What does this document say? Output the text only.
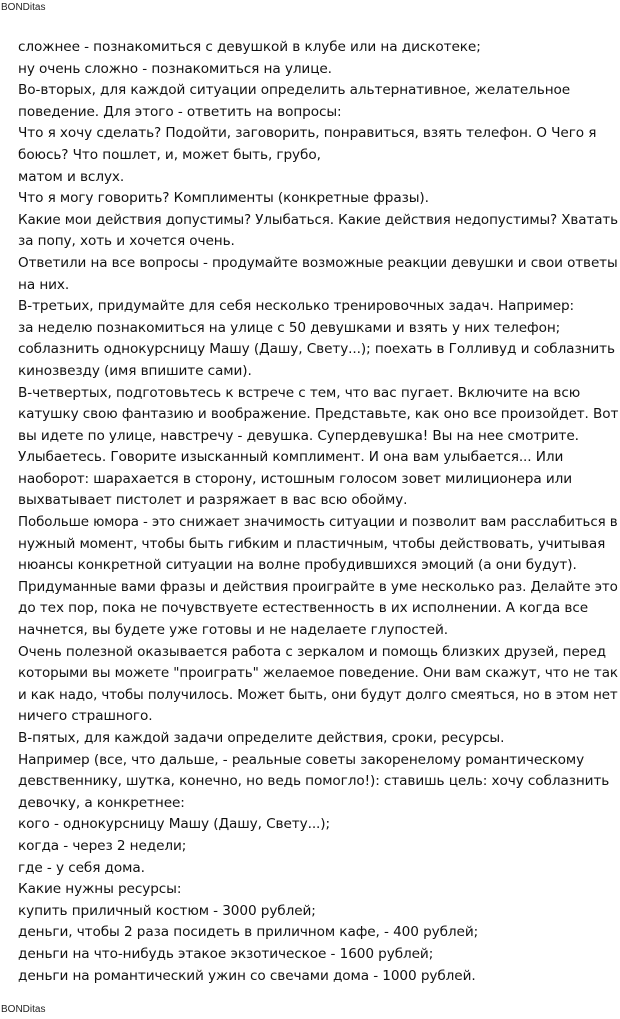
BONDitas
сложнее - познакомиться с девушкой в клубе или на дискотеке;
ну очень сложно - познакомиться на улице.
Во-вторых, для каждой ситуации определить альтернативное, желательное
поведение. Для этого - ответить на вопросы:
Что я хочу сделать? Подойти, заговорить, понравиться, взять телефон. О Чего я
боюсь? Что пошлет, и, может быть, грубо,
матом и вслух.
Что я могу говорить? Комплименты (конкретные фразы).
Какие мои действия допустимы? Улыбаться. Какие действия недопустимы? Хватать
за попу, хоть и хочется очень.
Ответили на все вопросы - продумайте возможные реакции девушки и свои ответы
на них.
В-третьих, придумайте для себя несколько тренировочных задач. Например:
за неделю познакомиться на улице с 50 девушками и взять у них телефон;
соблазнить однокурсницу Машу (Дашу, Свету...); поехать в Голливуд и соблазнить
кинозвезду (имя впишите сами).
В-четвертых, подготовьтесь к встрече с тем, что вас пугает. Включите на всю
катушку свою фантазию и воображение. Представьте, как оно все произойдет. Вот
вы идете по улице, навстречу - девушка. Супердевушка! Вы на нее смотрите.
Улыбаетесь. Говорите изысканный комплимент. И она вам улыбается... Или
наоборот: шарахается в сторону, истошным голосом зовет милиционера или
выхватывает пистолет и разряжает в вас всю обойму.
Побольше юмора - это снижает значимость ситуации и позволит вам расслабиться в
нужный момент, чтобы быть гибким и пластичным, чтобы действовать, учитывая
нюансы конкретной ситуации на волне пробудившихся эмоций (а они будут).
Придуманные вами фразы и действия проиграйте в уме несколько раз. Делайте это
до тех пор, пока не почувствуете естественность в их исполнении. А когда все
начнется, вы будете уже готовы и не наделаете глупостей.
Очень полезной оказывается работа с зеркалом и помощь близких друзей, перед
которыми вы можете "проиграть" желаемое поведение. Они вам скажут, что не так
и как надо, чтобы получилось. Может быть, они будут долго смеяться, но в этом нет
ничего страшного.
В-пятых, для каждой задачи определите действия, сроки, ресурсы.
Например (все, что дальше, - реальные советы закоренелому романтическому
девственнику, шутка, конечно, но ведь помогло!): ставишь цель: хочу соблазнить
девочку, а конкретнее:
кого - однокурсницу Машу (Дашу, Свету...);
когда - через 2 недели;
где - у себя дома.
Какие нужны ресурсы:
купить приличный костюм - 3000 рублей;
деньги, чтобы 2 раза посидеть в приличном кафе, - 400 рублей;
деньги на что-нибудь этакое экзотическое - 1600 рублей;
деньги на романтический ужин со свечами дома - 1000 рублей.
BONDitas
